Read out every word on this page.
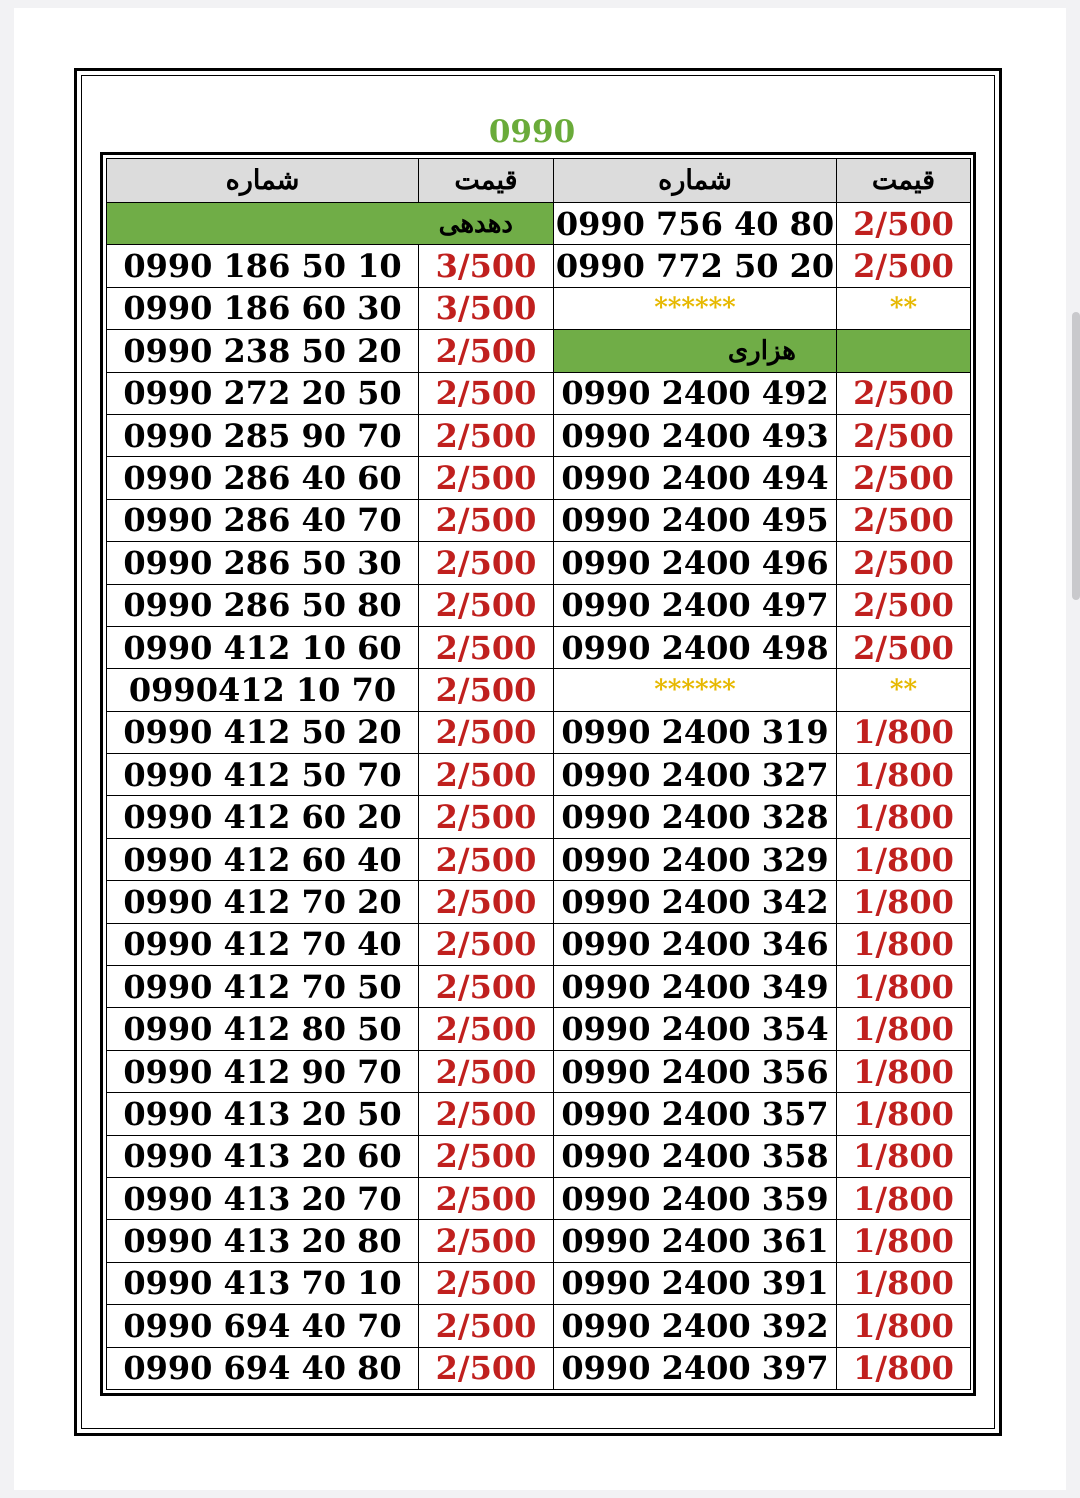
0990
شماره	قیمت	شماره	قیمت
دهدهی		0990 756 40 80	2/500
0990 186 50 10	3/500	0990 772 50 20	2/500
0990 186 60 30	3/500	******	**
0990 238 50 20	2/500	هزاری	
0990 272 20 50	2/500	0990 2400 492	2/500
0990 285 90 70	2/500	0990 2400 493	2/500
0990 286 40 60	2/500	0990 2400 494	2/500
0990 286 40 70	2/500	0990 2400 495	2/500
0990 286 50 30	2/500	0990 2400 496	2/500
0990 286 50 80	2/500	0990 2400 497	2/500
0990 412 10 60	2/500	0990 2400 498	2/500
0990412 10 70	2/500	******	**
0990 412 50 20	2/500	0990 2400 319	1/800
0990 412 50 70	2/500	0990 2400 327	1/800
0990 412 60 20	2/500	0990 2400 328	1/800
0990 412 60 40	2/500	0990 2400 329	1/800
0990 412 70 20	2/500	0990 2400 342	1/800
0990 412 70 40	2/500	0990 2400 346	1/800
0990 412 70 50	2/500	0990 2400 349	1/800
0990 412 80 50	2/500	0990 2400 354	1/800
0990 412 90 70	2/500	0990 2400 356	1/800
0990 413 20 50	2/500	0990 2400 357	1/800
0990 413 20 60	2/500	0990 2400 358	1/800
0990 413 20 70	2/500	0990 2400 359	1/800
0990 413 20 80	2/500	0990 2400 361	1/800
0990 413 70 10	2/500	0990 2400 391	1/800
0990 694 40 70	2/500	0990 2400 392	1/800
0990 694 40 80	2/500	0990 2400 397	1/800
